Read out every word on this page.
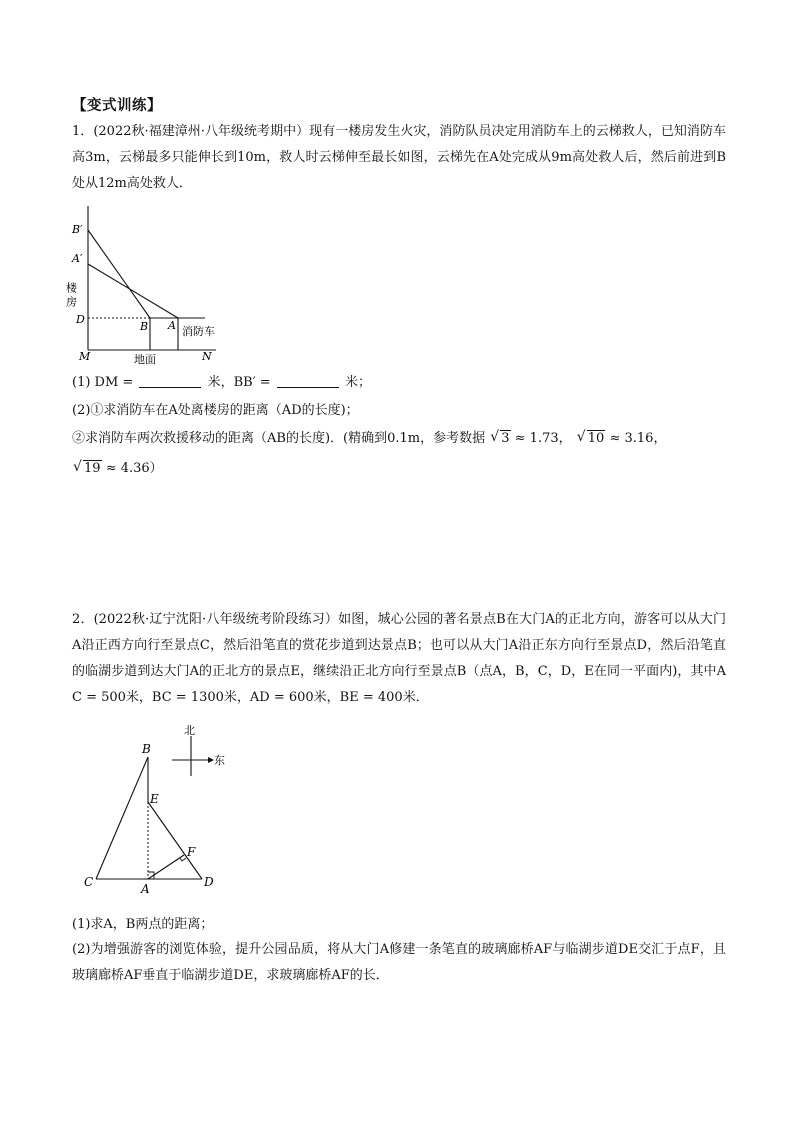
【变式训练】
1．(2022秋·福建漳州·八年级统考期中）现有一楼房发生火灾，消防队员决定用消防车上的云梯救人，已知消防车高3m，云梯最多只能伸长到10m，救人时云梯伸至最长如图，云梯先在A处完成从9m高处救人后，然后前进到B处从12m高处救人．
B′
A′
楼房
D
B A 消防车
M	地面	N
(1) DM =	米，BB′ =	米；
(2)①求消防车在A处离楼房的距离（AD的长度)；
②求消防车两次救援移动的距离（AB的长度)．(精确到0.1m，参考数据 √ 3 ≈ 1.73， √ 10 ≈ 3.16，
√ 19 ≈ 4.36）
2．(2022秋·辽宁沈阳·八年级统考阶段练习）如图，城心公园的著名景点B在大门A的正北方向，游客可以从大门A沿正西方向行至景点C，然后沿笔直的赏花步道到达景点B；也可以从大门A沿正东方向行至景点D，然后沿笔直的临湖步道到达大门A的正北方的景点E，继续沿正北方向行至景点B（点A，B，C，D，E在同一平面内)，其中AC = 500米，BC = 1300米，AD = 600米，BE = 400米．
北
东
B
E
F
C	A	D
(1)求A，B两点的距离；
(2)为增强游客的浏览体验，提升公园品质，将从大门A修建一条笔直的玻璃廊桥AF与临湖步道DE交汇于点F，且玻璃廊桥AF垂直于临湖步道DE，求玻璃廊桥AF的长．
